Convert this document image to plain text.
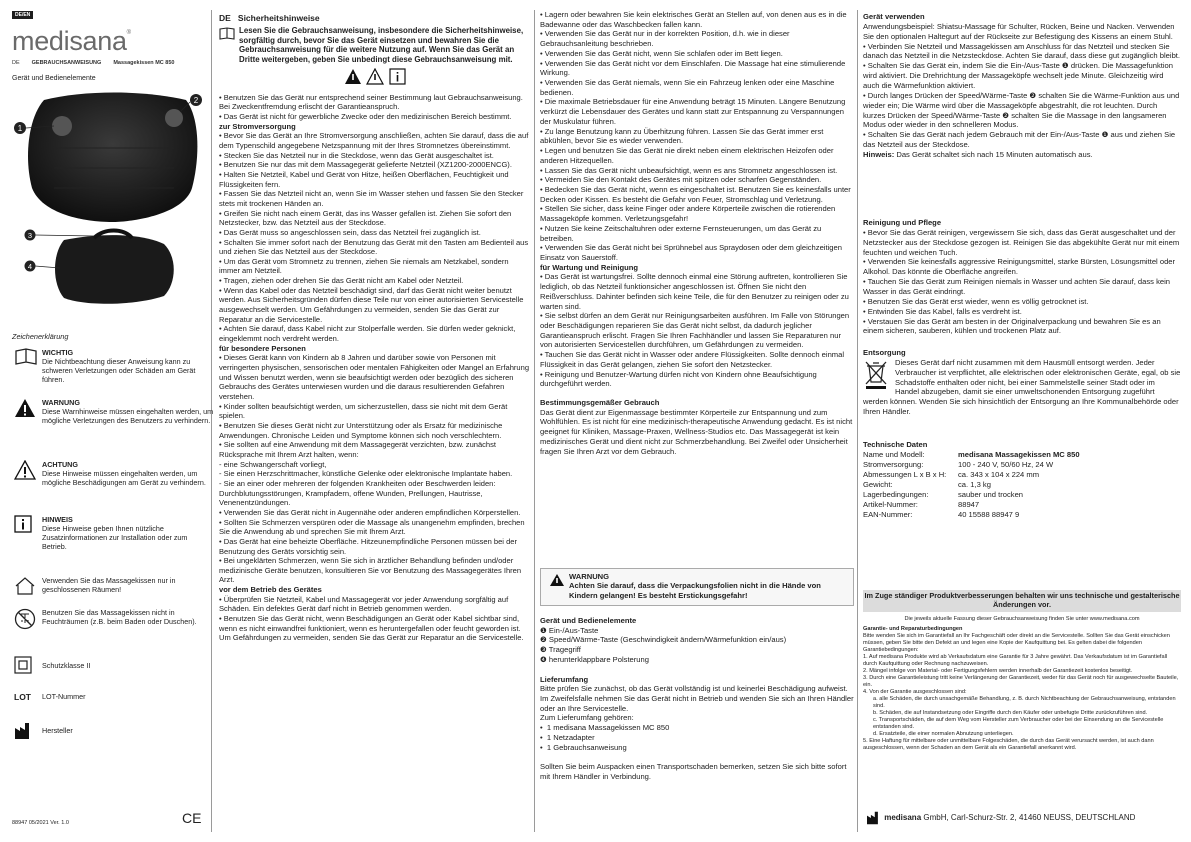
DE/EN
medisana®
DE GEBRAUCHSANWEISUNG Massagekissen MC 850
Gerät und Bedienelemente
1
2
3
4
Zeichenerklärung
WICHTIG
Die Nichtbeachtung dieser Anweisung kann zu schweren Verletzungen oder Schäden am Gerät führen.
WARNUNG
Diese Warnhinweise müssen eingehalten werden, um mögliche Verletzungen des Benutzers zu verhindern.
ACHTUNG
Diese Hinweise müssen eingehalten werden, um mögliche Beschädigungen am Gerät zu verhindern.
HINWEIS
Diese Hinweise geben Ihnen nützliche Zusatzinformationen zur Installation oder zum Betrieb.
Verwenden Sie das Massagekissen nur in geschlossenen Räumen!
Benutzen Sie das Massagekissen nicht in Feuchträumen (z.B. beim Baden oder Duschen).
Schutzklasse II
LOT LOT-Nummer
Hersteller
88947 05/2021 Ver. 1.0	CE
DE Sicherheitshinweise
Lesen Sie die Gebrauchsanweisung, insbesondere die Sicherheitshinweise, sorgfältig durch, bevor Sie das Gerät einsetzen und bewahren Sie die Gebrauchsanweisung für die weitere Nutzung auf. Wenn Sie das Gerät an Dritte weitergeben, geben Sie unbedingt diese Gebrauchsanweisung mit.
• Benutzen Sie das Gerät nur entsprechend seiner Bestimmung laut Gebrauchsanweisung. Bei Zweckentfremdung erlischt der Garantieanspruch.
• Das Gerät ist nicht für gewerbliche Zwecke oder den medizinischen Bereich bestimmt.
zur Stromversorgung
• Bevor Sie das Gerät an Ihre Stromversorgung anschließen, achten Sie darauf, dass die auf dem Typenschild angegebene Netzspannung mit der Ihres Stromnetzes übereinstimmt.
• Stecken Sie das Netzteil nur in die Steckdose, wenn das Gerät ausgeschaltet ist.
• Benutzen Sie nur das mit dem Massagegerät gelieferte Netzteil (XZ1200-2000ENCG).
• Halten Sie Netzteil, Kabel und Gerät von Hitze, heißen Oberflächen, Feuchtigkeit und Flüssigkeiten fern.
• Fassen Sie das Netzteil nicht an, wenn Sie im Wasser stehen und fassen Sie den Stecker stets mit trockenen Händen an.
• Greifen Sie nicht nach einem Gerät, das ins Wasser gefallen ist. Ziehen Sie sofort den Netzstecker, bzw. das Netzteil aus der Steckdose.
• Das Gerät muss so angeschlossen sein, dass das Netzteil frei zugänglich ist.
• Schalten Sie immer sofort nach der Benutzung das Gerät mit den Tasten am Bedienteil aus und ziehen Sie das Netzteil aus der Steckdose.
• Um das Gerät vom Stromnetz zu trennen, ziehen Sie niemals am Netzkabel, sondern immer am Netzteil.
• Tragen, ziehen oder drehen Sie das Gerät nicht am Kabel oder Netzteil.
• Wenn das Kabel oder das Netzteil beschädigt sind, darf das Gerät nicht weiter benutzt werden. Aus Sicherheitsgründen dürfen diese Teile nur von einer autorisierten Servicestelle ausgewechselt werden. Um Gefährdungen zu vermeiden, senden Sie das Gerät zur Reparatur an die Servicestelle.
• Achten Sie darauf, dass Kabel nicht zur Stolperfalle werden. Sie dürfen weder geknickt, eingeklemmt noch verdreht werden.
für besondere Personen
• Dieses Gerät kann von Kindern ab 8 Jahren und darüber sowie von Personen mit verringerten physischen, sensorischen oder mentalen Fähigkeiten oder Mangel an Erfahrung und Wissen benutzt werden, wenn sie beaufsichtigt werden oder bezüglich des sicheren Gebrauchs des Gerätes unterwiesen wurden und die daraus resultierenden Gefahren verstehen.
• Kinder sollten beaufsichtigt werden, um sicherzustellen, dass sie nicht mit dem Gerät spielen.
• Benutzen Sie dieses Gerät nicht zur Unterstützung oder als Ersatz für medizinische Anwendungen. Chronische Leiden und Symptome können sich noch verschlechtern.
• Sie sollten auf eine Anwendung mit dem Massagegerät verzichten, bzw. zunächst Rücksprache mit Ihrem Arzt halten, wenn:
- eine Schwangerschaft vorliegt,
- Sie einen Herzschrittmacher, künstliche Gelenke oder elektronische Implantate haben.
- Sie an einer oder mehreren der folgenden Krankheiten oder Beschwerden leiden: Durchblutungsstörungen, Krampfadern, offene Wunden, Prellungen, Hautrisse, Venenentzündungen.
• Verwenden Sie das Gerät nicht in Augennähe oder anderen empfindlichen Körperstellen.
• Sollten Sie Schmerzen verspüren oder die Massage als unangenehm empfinden, brechen Sie die Anwendung ab und sprechen Sie mit Ihrem Arzt.
• Das Gerät hat eine beheizte Oberfläche. Hitzeunempfindliche Personen müssen bei der Benutzung des Geräts vorsichtig sein.
• Bei ungeklärten Schmerzen, wenn Sie sich in ärztlicher Behandlung befinden und/oder medizinische Geräte benutzen, konsultieren Sie vor Benutzung des Massagegerätes Ihren Arzt.
vor dem Betrieb des Gerätes
• Überprüfen Sie Netzteil, Kabel und Massagegerät vor jeder Anwendung sorgfältig auf Schäden. Ein defektes Gerät darf nicht in Betrieb genommen werden.
• Benutzen Sie das Gerät nicht, wenn Beschädigungen an Gerät oder Kabel sichtbar sind, wenn es nicht einwandfrei funktioniert, wenn es heruntergefallen oder feucht geworden ist. Um Gefährdungen zu vermeiden, senden Sie das Gerät zur Reparatur an die Servicestelle.
• Lagern oder bewahren Sie kein elektrisches Gerät an Stellen auf, von denen aus es in die Badewanne oder das Waschbecken fallen kann.
• Verwenden Sie das Gerät nur in der korrekten Position, d.h. wie in dieser Gebrauchsanleitung beschrieben.
• Verwenden Sie das Gerät nicht, wenn Sie schlafen oder im Bett liegen.
• Verwenden Sie das Gerät nicht vor dem Einschlafen. Die Massage hat eine stimulierende Wirkung.
• Verwenden Sie das Gerät niemals, wenn Sie ein Fahrzeug lenken oder eine Maschine bedienen.
• Die maximale Betriebsdauer für eine Anwendung beträgt 15 Minuten. Längere Benutzung verkürzt die Lebensdauer des Gerätes und kann statt zur Entspannung zu Verspannungen der Muskulatur führen.
• Zu lange Benutzung kann zu Überhitzung führen. Lassen Sie das Gerät immer erst abkühlen, bevor Sie es wieder verwenden.
• Legen und benutzen Sie das Gerät nie direkt neben einem elektrischen Heizofen oder anderen Hitzequellen.
• Lassen Sie das Gerät nicht unbeaufsichtigt, wenn es ans Stromnetz angeschlossen ist.
• Vermeiden Sie den Kontakt des Gerätes mit spitzen oder scharfen Gegenständen.
• Bedecken Sie das Gerät nicht, wenn es eingeschaltet ist. Benutzen Sie es keinesfalls unter Decken oder Kissen. Es besteht die Gefahr von Feuer, Stromschlag und Verletzung.
• Stellen Sie sicher, dass keine Finger oder andere Körperteile zwischen die rotierenden Massageköpfe kommen. Verletzungsgefahr!
• Nutzen Sie keine Zeitschaltuhren oder externe Fernsteuerungen, um das Gerät zu betreiben.
• Verwenden Sie das Gerät nicht bei Sprühnebel aus Spraydosen oder dem gleichzeitigen Einsatz von Sauerstoff.
für Wartung und Reinigung
• Das Gerät ist wartungsfrei. Sollte dennoch einmal eine Störung auftreten, kontrollieren Sie lediglich, ob das Netzteil funktionsicher angeschlossen ist. Öffnen Sie nicht den Reißverschluss. Dahinter befinden sich keine Teile, die für den Benutzer zu reinigen oder zu warten sind.
• Sie selbst dürfen an dem Gerät nur Reinigungsarbeiten ausführen. Im Falle von Störungen oder Beschädigungen reparieren Sie das Gerät nicht selbst, da dadurch jeglicher Garantieanspruch erlischt. Fragen Sie Ihren Fachhändler und lassen Sie Reparaturen nur von autorisierten Servicestellen durchführen, um Gefährdungen zu vermeiden.
• Tauchen Sie das Gerät nicht in Wasser oder andere Flüssigkeiten. Sollte dennoch einmal Flüssigkeit in das Gerät gelangen, ziehen Sie sofort den Netzstecker.
• Reinigung und Benutzer-Wartung dürfen nicht von Kindern ohne Beaufsichtigung durchgeführt werden.
Bestimmungsgemäßer Gebrauch
Das Gerät dient zur Eigenmassage bestimmter Körperteile zur Entspannung und zum Wohlfühlen. Es ist nicht für eine medizinisch-therapeutische Anwendung gedacht. Es ist nicht geeignet für Kliniken, Massage-Praxen, Wellness-Studios etc. Das Massagegerät ist kein medizinisches Gerät und dient nicht zur Schmerzbehandlung. Bei Zweifel oder Unsicherheit fragen Sie Ihren Arzt vor dem Gebrauch.
WARNUNG
Achten Sie darauf, dass die Verpackungsfolien nicht in die Hände von Kindern gelangen! Es besteht Erstickungsgefahr!
Gerät und Bedienelemente
❶ Ein-/Aus-Taste
❷ Speed/Wärme-Taste (Geschwindigkeit ändern/Wärmefunktion ein/aus)
❸ Tragegriff
❹ herunterklappbare Polsterung
Lieferumfang
Bitte prüfen Sie zunächst, ob das Gerät vollständig ist und keinerlei Beschädigung aufweist. Im Zweifelsfalle nehmen Sie das Gerät nicht in Betrieb und wenden Sie sich an Ihren Händler oder an Ihre Servicestelle.
Zum Lieferumfang gehören:
•  1 medisana Massagekissen MC 850
•  1 Netzadapter
•  1 Gebrauchsanweisung
Sollten Sie beim Auspacken einen Transportschaden bemerken, setzen Sie sich bitte sofort mit Ihrem Händler in Verbindung.
Gerät verwenden
Anwendungsbeispiel: Shiatsu-Massage für Schulter, Rücken, Beine und Nacken. Verwenden Sie den optionalen Haltegurt auf der Rückseite zur Befestigung des Kissens an einem Stuhl.
• Verbinden Sie Netzteil und Massagekissen am Anschluss für das Netzteil und stecken Sie danach das Netzteil in die Netzsteckdose. Achten Sie darauf, dass diese gut zugänglich bleibt.
• Schalten Sie das Gerät ein, indem Sie die Ein-/Aus-Taste ❶ drücken. Die Massagefunktion wird aktiviert. Die Drehrichtung der Massageköpfe wechselt jede Minute. Gleichzeitig wird auch die Wärmefunktion aktiviert.
• Durch langes Drücken der Speed/Wärme-Taste ❷ schalten Sie die Wärme-Funktion aus und wieder ein; Die Wärme wird über die Massageköpfe abgestrahlt, die rot leuchten. Durch kurzes Drücken der Speed/Wärme-Taste ❷ schalten Sie die Massage in den langsameren Modus oder wieder in den schnelleren Modus.
• Schalten Sie das Gerät nach jedem Gebrauch mit der Ein-/Aus-Taste ❶ aus und ziehen Sie das Netzteil aus der Steckdose.
Hinweis: Das Gerät schaltet sich nach 15 Minuten automatisch aus.
Reinigung und Pflege
• Bevor Sie das Gerät reinigen, vergewissern Sie sich, dass das Gerät ausgeschaltet und der Netzstecker aus der Steckdose gezogen ist. Reinigen Sie das abgekühlte Gerät nur mit einem feuchten und weichen Tuch.
• Verwenden Sie keinesfalls aggressive Reinigungsmittel, starke Bürsten, Lösungsmittel oder Alkohol. Das könnte die Oberfläche angreifen.
• Tauchen Sie das Gerät zum Reinigen niemals in Wasser und achten Sie darauf, dass kein Wasser in das Gerät eindringt.
• Benutzen Sie das Gerät erst wieder, wenn es völlig getrocknet ist.
• Entwinden Sie das Kabel, falls es verdreht ist.
• Verstauen Sie das Gerät am besten in der Originalverpackung und bewahren Sie es an einem sicheren, sauberen, kühlen und trockenen Platz auf.
Entsorgung
Dieses Gerät darf nicht zusammen mit dem Hausmüll entsorgt werden. Jeder Verbraucher ist verpflichtet, alle elektrischen oder elektronischen Geräte, egal, ob sie Schadstoffe enthalten oder nicht, bei einer Sammelstelle seiner Stadt oder im Handel abzugeben, damit sie einer umweltschonenden Entsorgung zugeführt werden können. Wenden Sie sich hinsichtlich der Entsorgung an Ihre Kommunalbehörde oder Ihren Händler.
Technische Daten
Name und Modell:	medisana Massagekissen MC 850
Stromversorgung:	100 - 240 V, 50/60 Hz, 24 W
Abmessungen L x B x H: ca. 343 x 104 x 224 mm
Gewicht:	ca. 1,3 kg
Lagerbedingungen:	sauber und trocken
Artikel-Nummer:	88947
EAN-Nummer:	40 15588 88947 9
Im Zuge ständiger Produktverbesserungen behalten wir uns technische und gestalterische Änderungen vor.
Die jeweils aktuelle Fassung dieser Gebrauchsanweisung finden Sie unter www.medisana.com
Garantie- und Reparaturbedingungen
Bitte wenden Sie sich im Garantiefall an Ihr Fachgeschäft oder direkt an die Servicestelle. Sollten Sie das Gerät einschicken müssen, geben Sie bitte den Defekt an und legen eine Kopie der Kaufquittung bei. Es gelten dabei die folgenden Garantiebedingungen:
1. Auf medisana Produkte wird ab Verkaufsdatum eine Garantie für 3 Jahre gewährt. Das Verkaufsdatum ist im Garantiefall durch Kaufquittung oder Rechnung nachzuweisen.
2. Mängel infolge von Material- oder Fertigungsfehlern werden innerhalb der Garantiezeit kostenlos beseitigt.
3. Durch eine Garantieleistung tritt keine Verlängerung der Garantiezeit, weder für das Gerät noch für ausgewechselte Bauteile, ein.
4. Von der Garantie ausgeschlossen sind:
a. alle Schäden, die durch unsachgemäße Behandlung, z. B. durch Nichtbeachtung der Gebrauchsanweisung, entstanden sind.
b. Schäden, die auf Instandsetzung oder Eingriffe durch den Käufer oder unbefugte Dritte zurückzuführen sind.
c. Transportschäden, die auf dem Weg vom Hersteller zum Verbraucher oder bei der Einsendung an die Servicestelle entstanden sind.
d. Ersatzteile, die einer normalen Abnutzung unterliegen.
5. Eine Haftung für mittelbare oder unmittelbare Folgeschäden, die durch das Gerät verursacht werden, ist auch dann ausgeschlossen, wenn der Schaden an dem Gerät als ein Garantiefall anerkannt wird.
medisana GmbH, Carl-Schurz-Str. 2, 41460 NEUSS, DEUTSCHLAND
